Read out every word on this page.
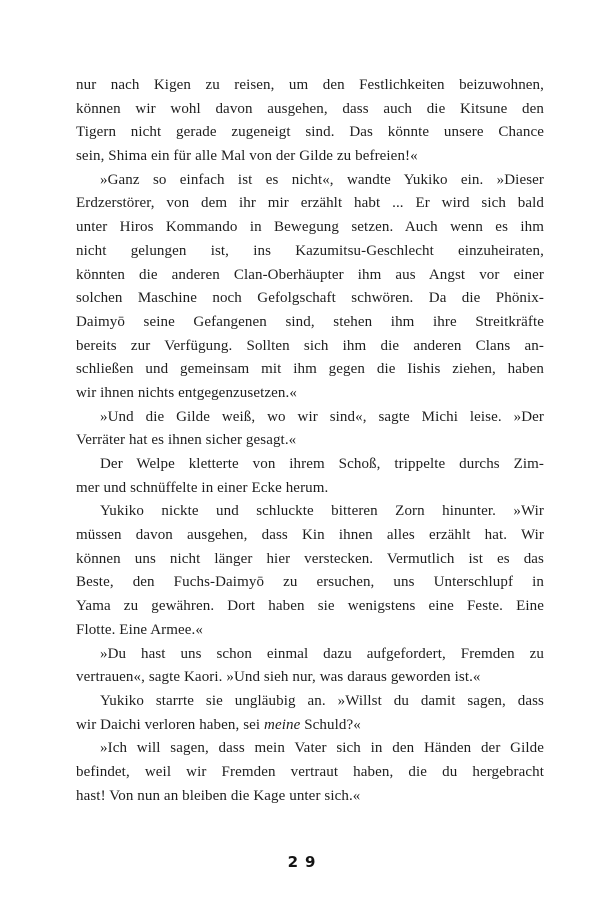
nur nach Kigen zu reisen, um den Festlichkeiten beizuwohnen,
können wir wohl davon ausgehen, dass auch die Kitsune den
Tigern nicht gerade zugeneigt sind. Das könnte unsere Chance
sein, Shima ein für alle Mal von der Gilde zu befreien!«
»Ganz so einfach ist es nicht«, wandte Yukiko ein. »Dieser
Erdzerstörer, von dem ihr mir erzählt habt ... Er wird sich bald
unter Hiros Kommando in Bewegung setzen. Auch wenn es ihm
nicht gelungen ist, ins Kazumitsu-Geschlecht einzuheiraten,
könnten die anderen Clan-Oberhäupter ihm aus Angst vor einer
solchen Maschine noch Gefolgschaft schwören. Da die Phönix-
Daimyō seine Gefangenen sind, stehen ihm ihre Streitkräfte
bereits zur Verfügung. Sollten sich ihm die anderen Clans an-
schließen und gemeinsam mit ihm gegen die Iishis ziehen, haben
wir ihnen nichts entgegenzusetzen.«
»Und die Gilde weiß, wo wir sind«, sagte Michi leise. »Der
Verräter hat es ihnen sicher gesagt.«
Der Welpe kletterte von ihrem Schoß, trippelte durchs Zim-
mer und schnüffelte in einer Ecke herum.
Yukiko nickte und schluckte bitteren Zorn hinunter. »Wir
müssen davon ausgehen, dass Kin ihnen alles erzählt hat. Wir
können uns nicht länger hier verstecken. Vermutlich ist es das
Beste, den Fuchs-Daimyō zu ersuchen, uns Unterschlupf in
Yama zu gewähren. Dort haben sie wenigstens eine Feste. Eine
Flotte. Eine Armee.«
»Du hast uns schon einmal dazu aufgefordert, Fremden zu
vertrauen«, sagte Kaori. »Und sieh nur, was daraus geworden ist.«
Yukiko starrte sie ungläubig an. »Willst du damit sagen, dass
wir Daichi verloren haben, sei meine Schuld?«
»Ich will sagen, dass mein Vater sich in den Händen der Gilde
befindet, weil wir Fremden vertraut haben, die du hergebracht
hast! Von nun an bleiben die Kage unter sich.«
29
